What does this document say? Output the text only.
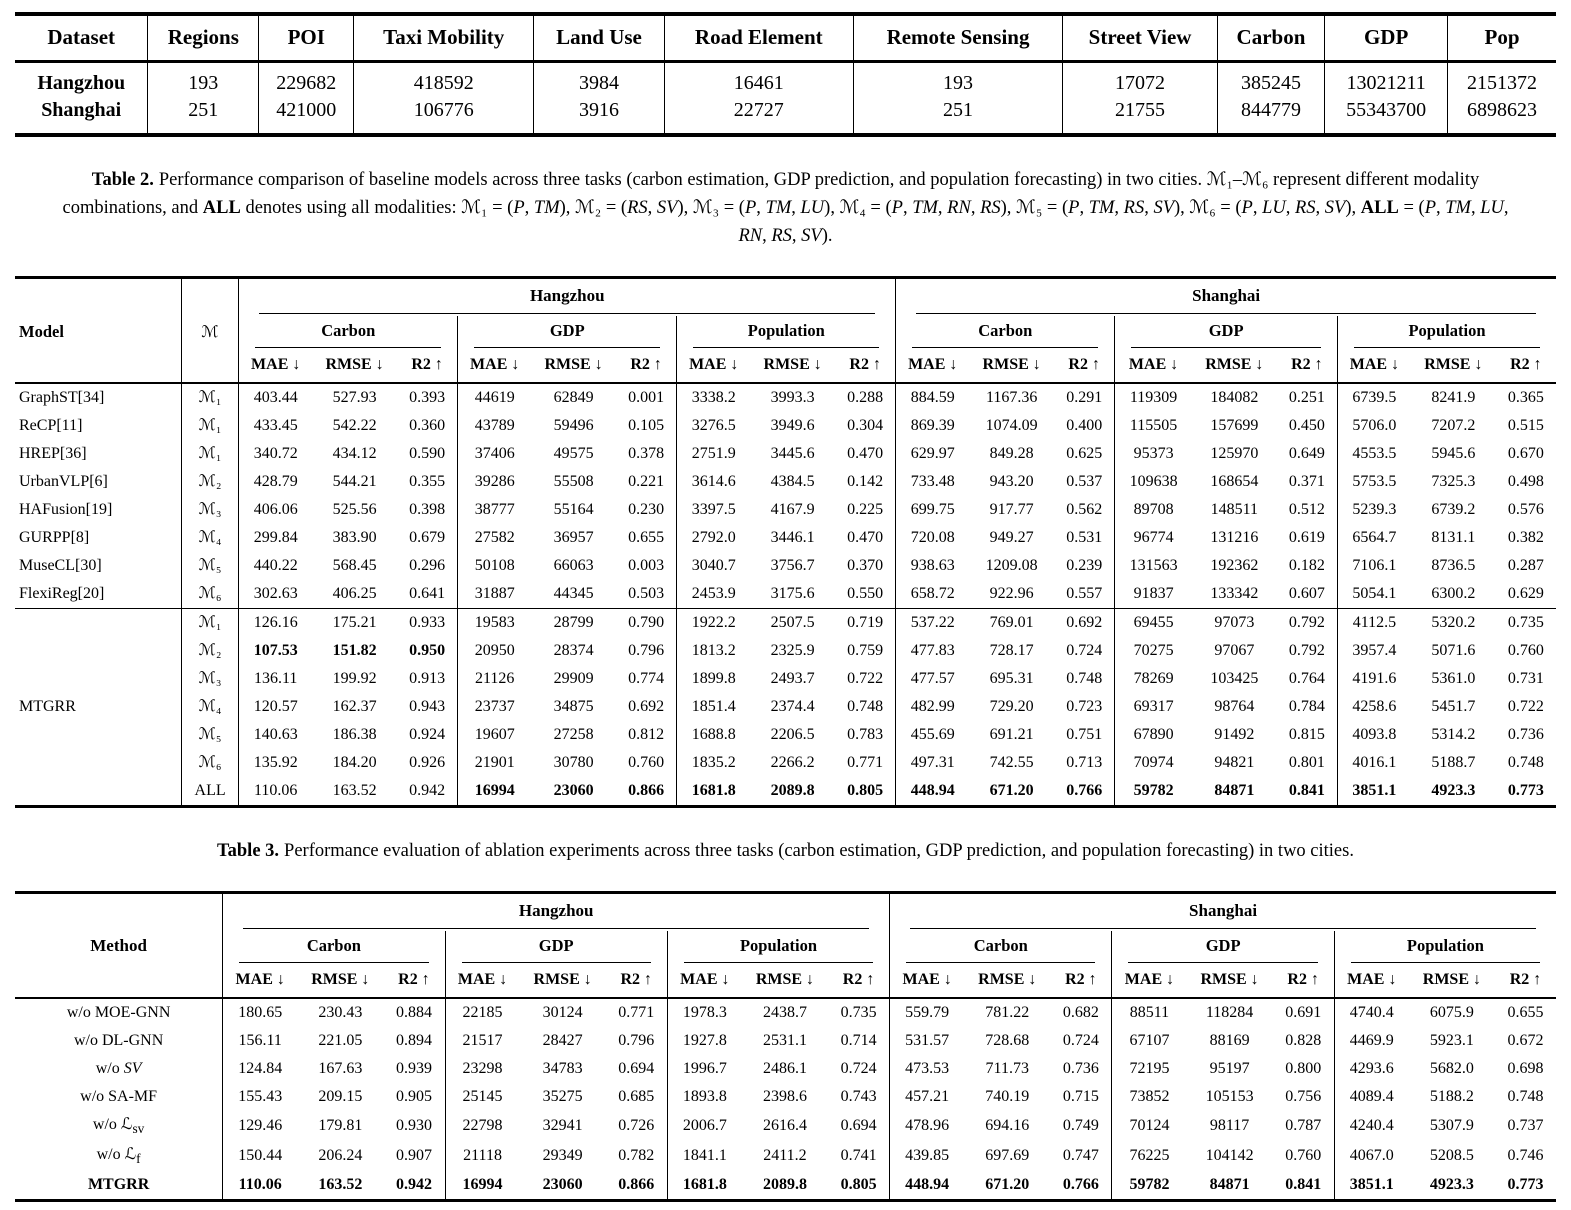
Dataset	Regions	POI	Taxi Mobility	Land Use	Road Element	Remote Sensing	Street View	Carbon	GDP	Pop
Hangzhou	193	229682	418592	3984	16461	193	17072	385245	13021211	2151372
Shanghai	251	421000	106776	3916	22727	251	21755	844779	55343700	6898623
Table 2. Performance comparison of baseline models across three tasks (carbon estimation, GDP prediction, and population forecasting) in two cities. ℳ₁–ℳ₆ represent different modality combinations, and ALL denotes using all modalities: ℳ₁ = (P, TM), ℳ₂ = (RS, SV), ℳ₃ = (P, TM, LU), ℳ₄ = (P, TM, RN, RS), ℳ₅ = (P, TM, RS, SV), ℳ₆ = (P, LU, RS, SV), ALL = (P, TM, LU, RN, RS, SV).

		Hangzhou									Shanghai								

Model	ℳ	Carbon			GDP			Population			Carbon			GDP			Population		

		MAE ↓	RMSE ↓	R2 ↑	MAE ↓	RMSE ↓	R2 ↑	MAE ↓	RMSE ↓	R2 ↑	MAE ↓	RMSE ↓	R2 ↑	MAE ↓	RMSE ↓	R2 ↑	MAE ↓	RMSE ↓	R2 ↑
GraphST[34]	ℳ₁	403.44	527.93	0.393	44619	62849	0.001	3338.2	3993.3	0.288	884.59	1167.36	0.291	119309	184082	0.251	6739.5	8241.9	0.365
ReCP[11]	ℳ₁	433.45	542.22	0.360	43789	59496	0.105	3276.5	3949.6	0.304	869.39	1074.09	0.400	115505	157699	0.450	5706.0	7207.2	0.515
HREP[36]	ℳ₁	340.72	434.12	0.590	37406	49575	0.378	2751.9	3445.6	0.470	629.97	849.28	0.625	95373	125970	0.649	4553.5	5945.6	0.670
UrbanVLP[6]	ℳ₂	428.79	544.21	0.355	39286	55508	0.221	3614.6	4384.5	0.142	733.48	943.20	0.537	109638	168654	0.371	5753.5	7325.3	0.498
HAFusion[19]	ℳ₃	406.06	525.56	0.398	38777	55164	0.230	3397.5	4167.9	0.225	699.75	917.77	0.562	89708	148511	0.512	5239.3	6739.2	0.576
GURPP[8]	ℳ₄	299.84	383.90	0.679	27582	36957	0.655	2792.0	3446.1	0.470	720.08	949.27	0.531	96774	131216	0.619	6564.7	8131.1	0.382
MuseCL[30]	ℳ₅	440.22	568.45	0.296	50108	66063	0.003	3040.7	3756.7	0.370	938.63	1209.08	0.239	131563	192362	0.182	7106.1	8736.5	0.287
FlexiReg[20]	ℳ₆	302.63	406.25	0.641	31887	44345	0.503	2453.9	3175.6	0.550	658.72	922.96	0.557	91837	133342	0.607	5054.1	6300.2	0.629
MTGRR	ℳ₁	126.16	175.21	0.933	19583	28799	0.790	1922.2	2507.5	0.719	537.22	769.01	0.692	69455	97073	0.792	4112.5	5320.2	0.735
	ℳ₂	107.53	151.82	0.950	20950	28374	0.796	1813.2	2325.9	0.759	477.83	728.17	0.724	70275	97067	0.792	3957.4	5071.6	0.760
	ℳ₃	136.11	199.92	0.913	21126	29909	0.774	1899.8	2493.7	0.722	477.57	695.31	0.748	78269	103425	0.764	4191.6	5361.0	0.731
	ℳ₄	120.57	162.37	0.943	23737	34875	0.692	1851.4	2374.4	0.748	482.99	729.20	0.723	69317	98764	0.784	4258.6	5451.7	0.722
	ℳ₅	140.63	186.38	0.924	19607	27258	0.812	1688.8	2206.5	0.783	455.69	691.21	0.751	67890	91492	0.815	4093.8	5314.2	0.736
	ℳ₆	135.92	184.20	0.926	21901	30780	0.760	1835.2	2266.2	0.771	497.31	742.55	0.713	70974	94821	0.801	4016.1	5188.7	0.748
	ALL	110.06	163.52	0.942	16994	23060	0.866	1681.8	2089.8	0.805	448.94	671.20	0.766	59782	84871	0.841	3851.1	4923.3	0.773
Table 3. Performance evaluation of ablation experiments across three tasks (carbon estimation, GDP prediction, and population forecasting) in two cities.
Method	Hangzhou									Shanghai								

	Carbon			GDP			Population			Carbon			GDP			Population		

	MAE ↓	RMSE ↓	R2 ↑	MAE ↓	RMSE ↓	R2 ↑	MAE ↓	RMSE ↓	R2 ↑	MAE ↓	RMSE ↓	R2 ↑	MAE ↓	RMSE ↓	R2 ↑	MAE ↓	RMSE ↓	R2 ↑
w/o MOE-GNN	180.65	230.43	0.884	22185	30124	0.771	1978.3	2438.7	0.735	559.79	781.22	0.682	88511	118284	0.691	4740.4	6075.9	0.655
w/o DL-GNN	156.11	221.05	0.894	21517	28427	0.796	1927.8	2531.1	0.714	531.57	728.68	0.724	67107	88169	0.828	4469.9	5923.1	0.672
w/o SV	124.84	167.63	0.939	23298	34783	0.694	1996.7	2486.1	0.724	473.53	711.73	0.736	72195	95197	0.800	4293.6	5682.0	0.698
w/o SA-MF	155.43	209.15	0.905	25145	35275	0.685	1893.8	2398.6	0.743	457.21	740.19	0.715	73852	105153	0.756	4089.4	5188.2	0.748
w/o ℒ$_{sv}$	129.46	179.81	0.930	22798	32941	0.726	2006.7	2616.4	0.694	478.96	694.16	0.749	70124	98117	0.787	4240.4	5307.9	0.737
w/o ℒ$_f$	150.44	206.24	0.907	21118	29349	0.782	1841.1	2411.2	0.741	439.85	697.69	0.747	76225	104142	0.760	4067.0	5208.5	0.746
MTGRR	110.06	163.52	0.942	16994	23060	0.866	1681.8	2089.8	0.805	448.94	671.20	0.766	59782	84871	0.841	3851.1	4923.3	0.773
